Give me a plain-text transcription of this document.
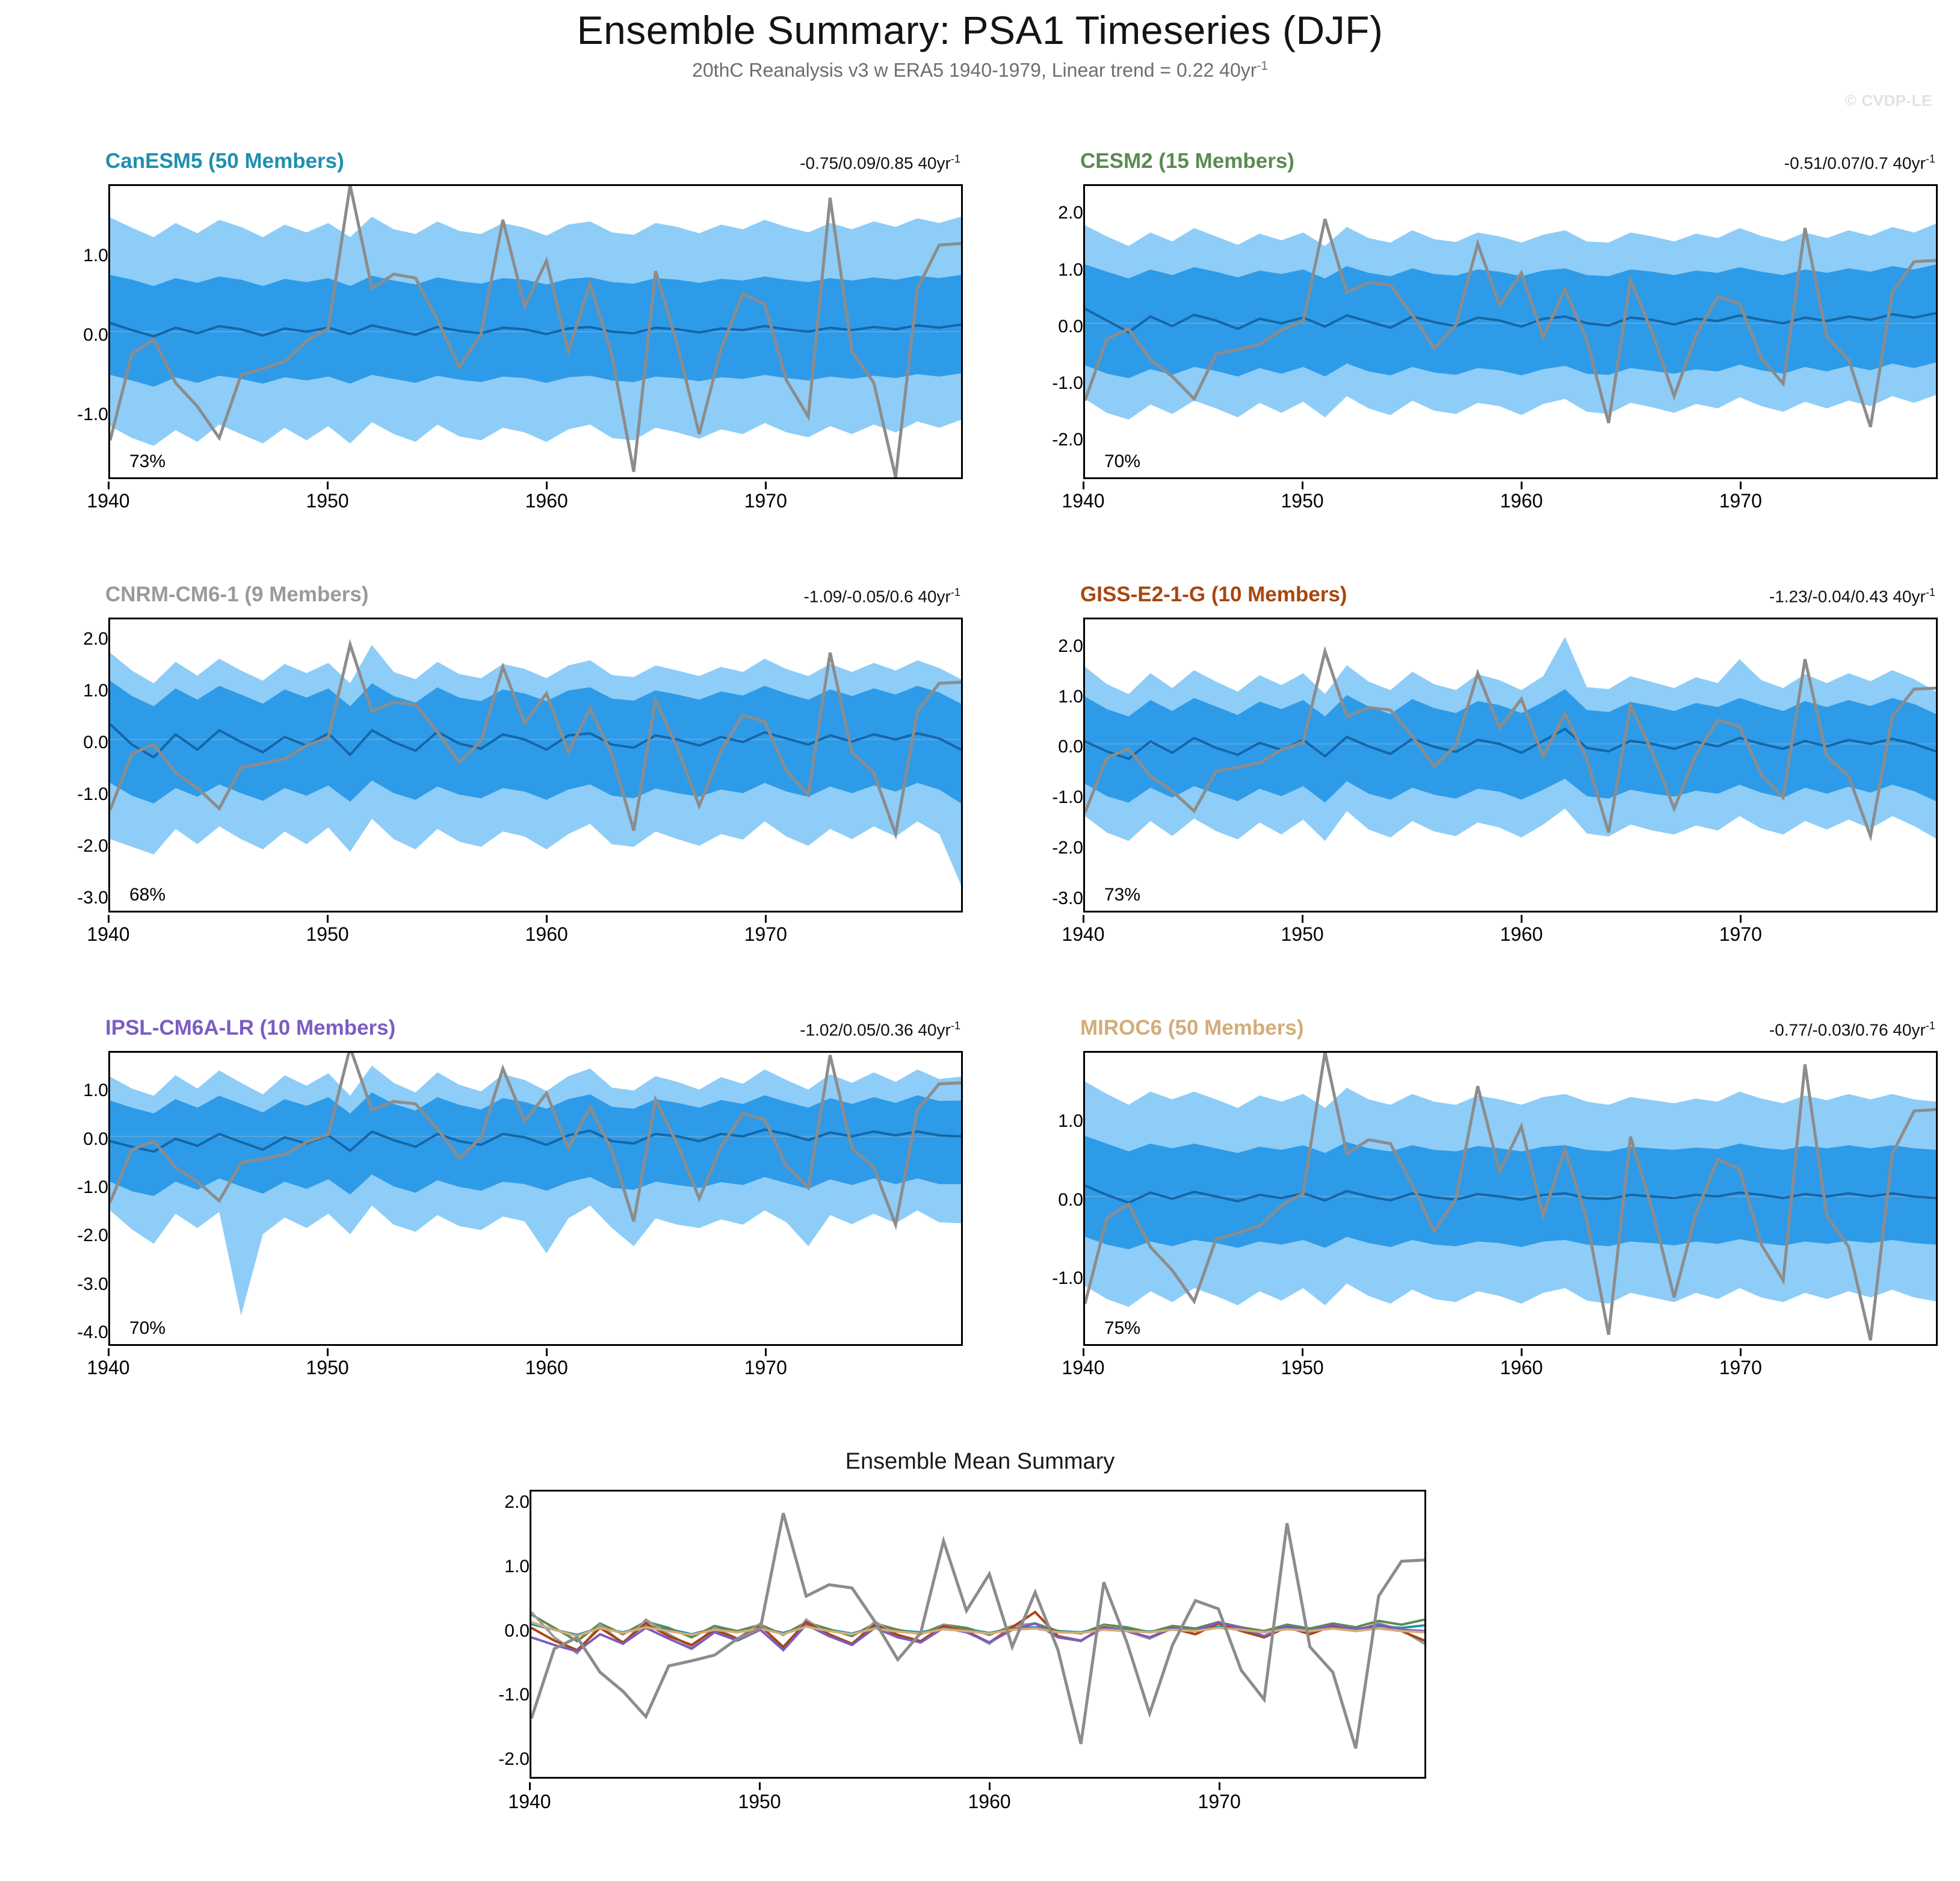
Ensemble Summary: PSA1 Timeseries (DJF)
20thC Reanalysis v3 w ERA5 1940-1979, Linear trend = 0.22 $40yr^{-1}$
© CVDP-LE
CanESM5 (50 Members)	-0.75/0.09/0.85 $40yr^{-1}$
1.0
0.0
-1.0
73%
1940	1950	1960	1970
CESM2 (15 Members)	-0.51/0.07/0.7 $40yr^{-1}$
2.0
1.0
0.0
-1.0
-2.0
70%
1940	1950	1960	1970
CNRM-CM6-1 (9 Members)	-1.09/-0.05/0.6 $40yr^{-1}$
2.0
1.0
0.0
-1.0
-2.0
-3.0 68%
1940	1950	1960	1970
GISS-E2-1-G (10 Members)	-1.23/-0.04/0.43 $40yr^{-1}$
2.0
1.0
0.0
-1.0
-2.0
-3.0 73%
1940	1950	1960	1970
IPSL-CM6A-LR (10 Members)	-1.02/0.05/0.36 $40yr^{-1}$
1.0
0.0
-1.0
-2.0
-3.0
-4.0 70%
1940	1950	1960	1970
MIROC6 (50 Members)	-0.77/-0.03/0.76 $40yr^{-1}$
1.0
0.0
-1.0
75%
1940	1950	1960	1970
Ensemble Mean Summary
2.0
1.0
0.0
-1.0
-2.0
1940	1950	1960	1970
